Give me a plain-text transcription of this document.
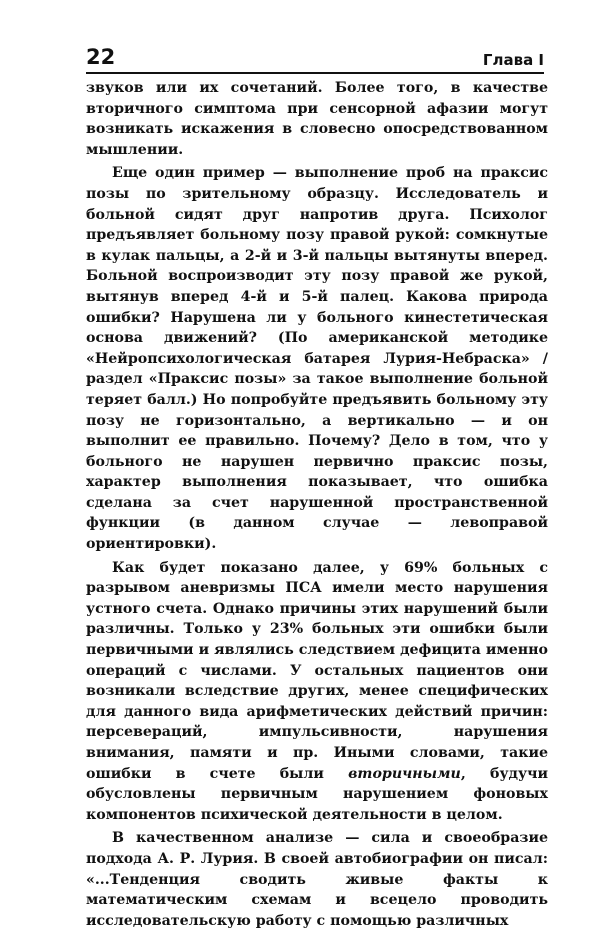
22	Глава I

звуков или их сочетаний. Более того, в качестве вторичного симптома при сенсорной афазии могут возникать искажения в словесно опосредствованном мышлении.

Еще один пример — выполнение проб на праксис позы по зрительному образцу. Исследователь и больной сидят друг напротив друга. Психолог предъявляет больному позу правой рукой: сомкнутые в кулак пальцы, а 2-й и 3-й пальцы вытянуты вперед. Больной воспроизводит эту позу правой же рукой, вытянув вперед 4-й и 5-й палец. Какова природа ошибки? Нарушена ли у больного кинестетическая основа движений? (По американской методике «Нейропсихологическая батарея Лурия-Небраска» / раздел «Праксис позы» за такое выполнение больной теряет балл.) Но попробуйте предъявить больному эту позу не горизонтально, а вертикально — и он выполнит ее правильно. Почему? Дело в том, что у больного не нарушен первично праксис позы, характер выполнения показывает, что ошибка сделана за счет нарушенной пространственной функции (в данном случае — левоправой ориентировки).

Как будет показано далее, у 69% больных с разрывом аневризмы ПСА имели место нарушения устного счета. Однако причины этих нарушений были различны. Только у 23% больных эти ошибки были первичными и являлись следствием дефицита именно операций с числами. У остальных пациентов они возникали вследствие других, менее специфических для данного вида арифметических действий причин: персевераций, импульсивности, нарушения внимания, памяти и пр. Иными словами, такие ошибки в счете были вторичными, будучи обусловлены первичным нарушением фоновых компонентов психической деятельности в целом.

В качественном анализе — сила и своеобразие подхода А. Р. Лурия. В своей автобиографии он писал: «...Тенденция сводить живые факты к математическим схемам и всецело проводить исследовательскую работу с помощью различных
